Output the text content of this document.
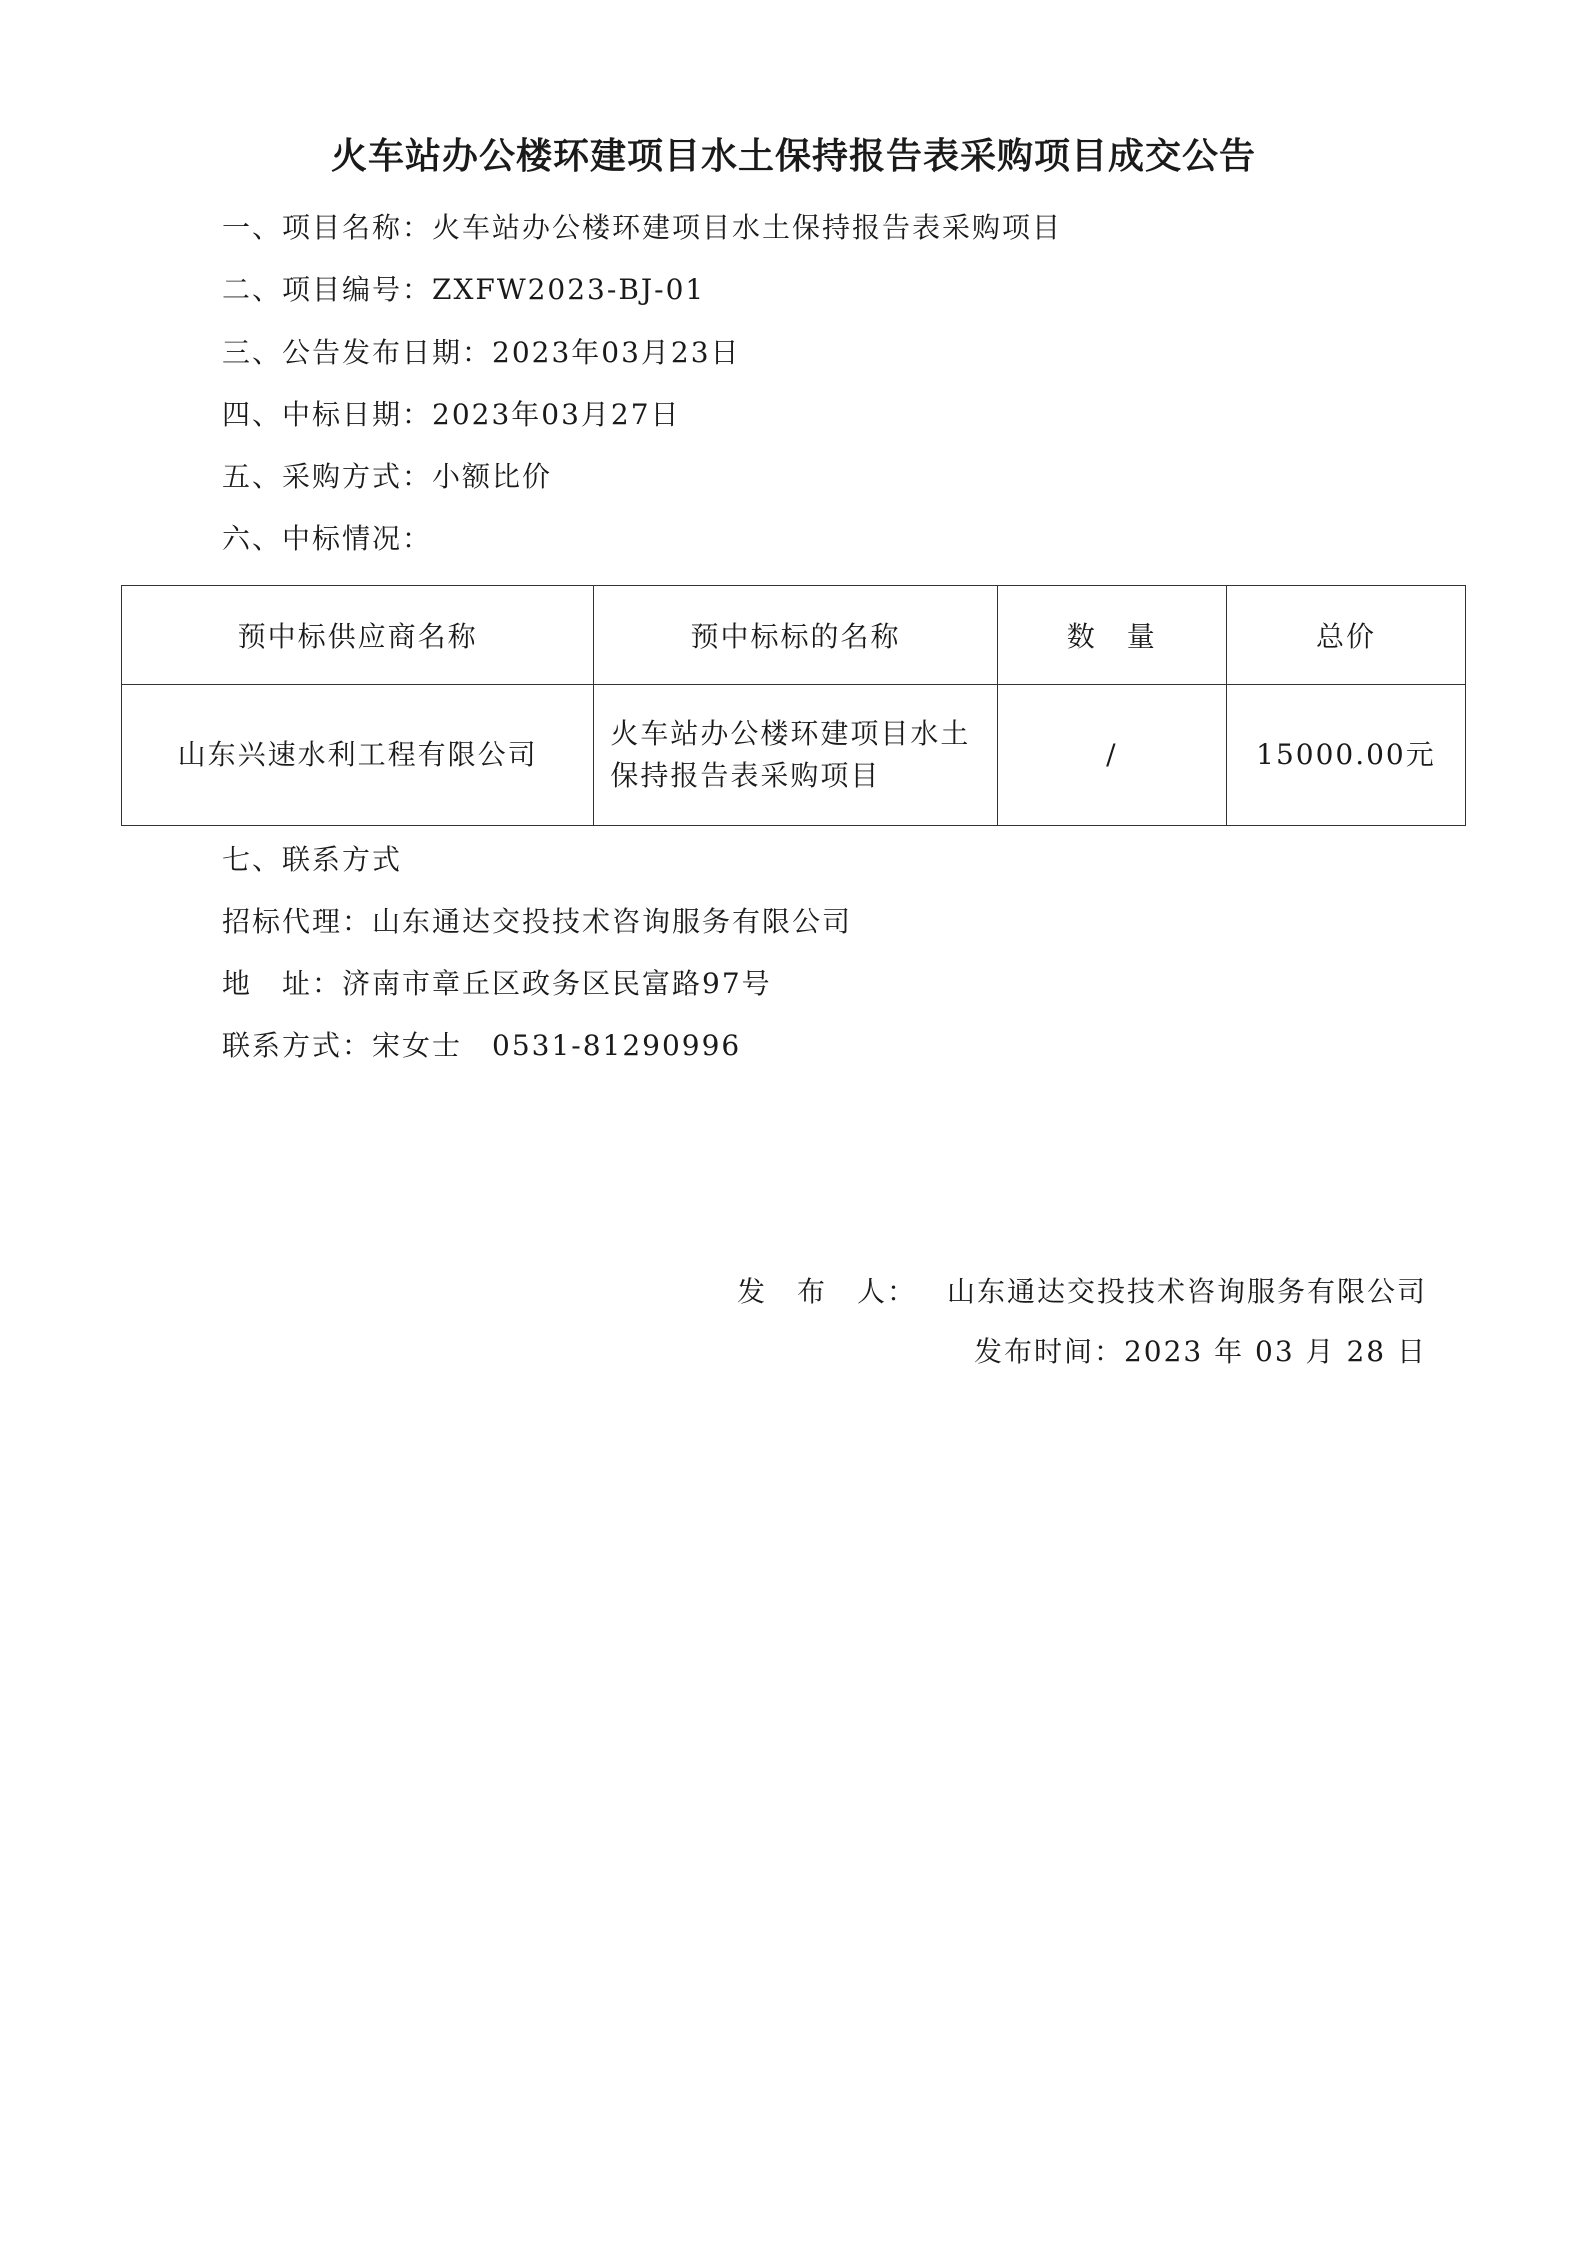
火车站办公楼环建项目水土保持报告表采购项目成交公告
一、项目名称：火车站办公楼环建项目水土保持报告表采购项目
二、项目编号：ZXFW2023-BJ-01
三、公告发布日期：2023年03月23日
四、中标日期：2023年03月27日
五、采购方式：小额比价
六、中标情况：
预中标供应商名称	预中标标的名称	数　量	总价
山东兴速水利工程有限公司	火车站办公楼环建项目水土保持报告表采购项目	/	15000.00元
七、联系方式
招标代理：山东通达交投技术咨询服务有限公司
地　址：济南市章丘区政务区民富路97号
联系方式：宋女士　0531-81290996
发　布　人： 山东通达交投技术咨询服务有限公司
发布时间：2023 年 03 月 28 日
